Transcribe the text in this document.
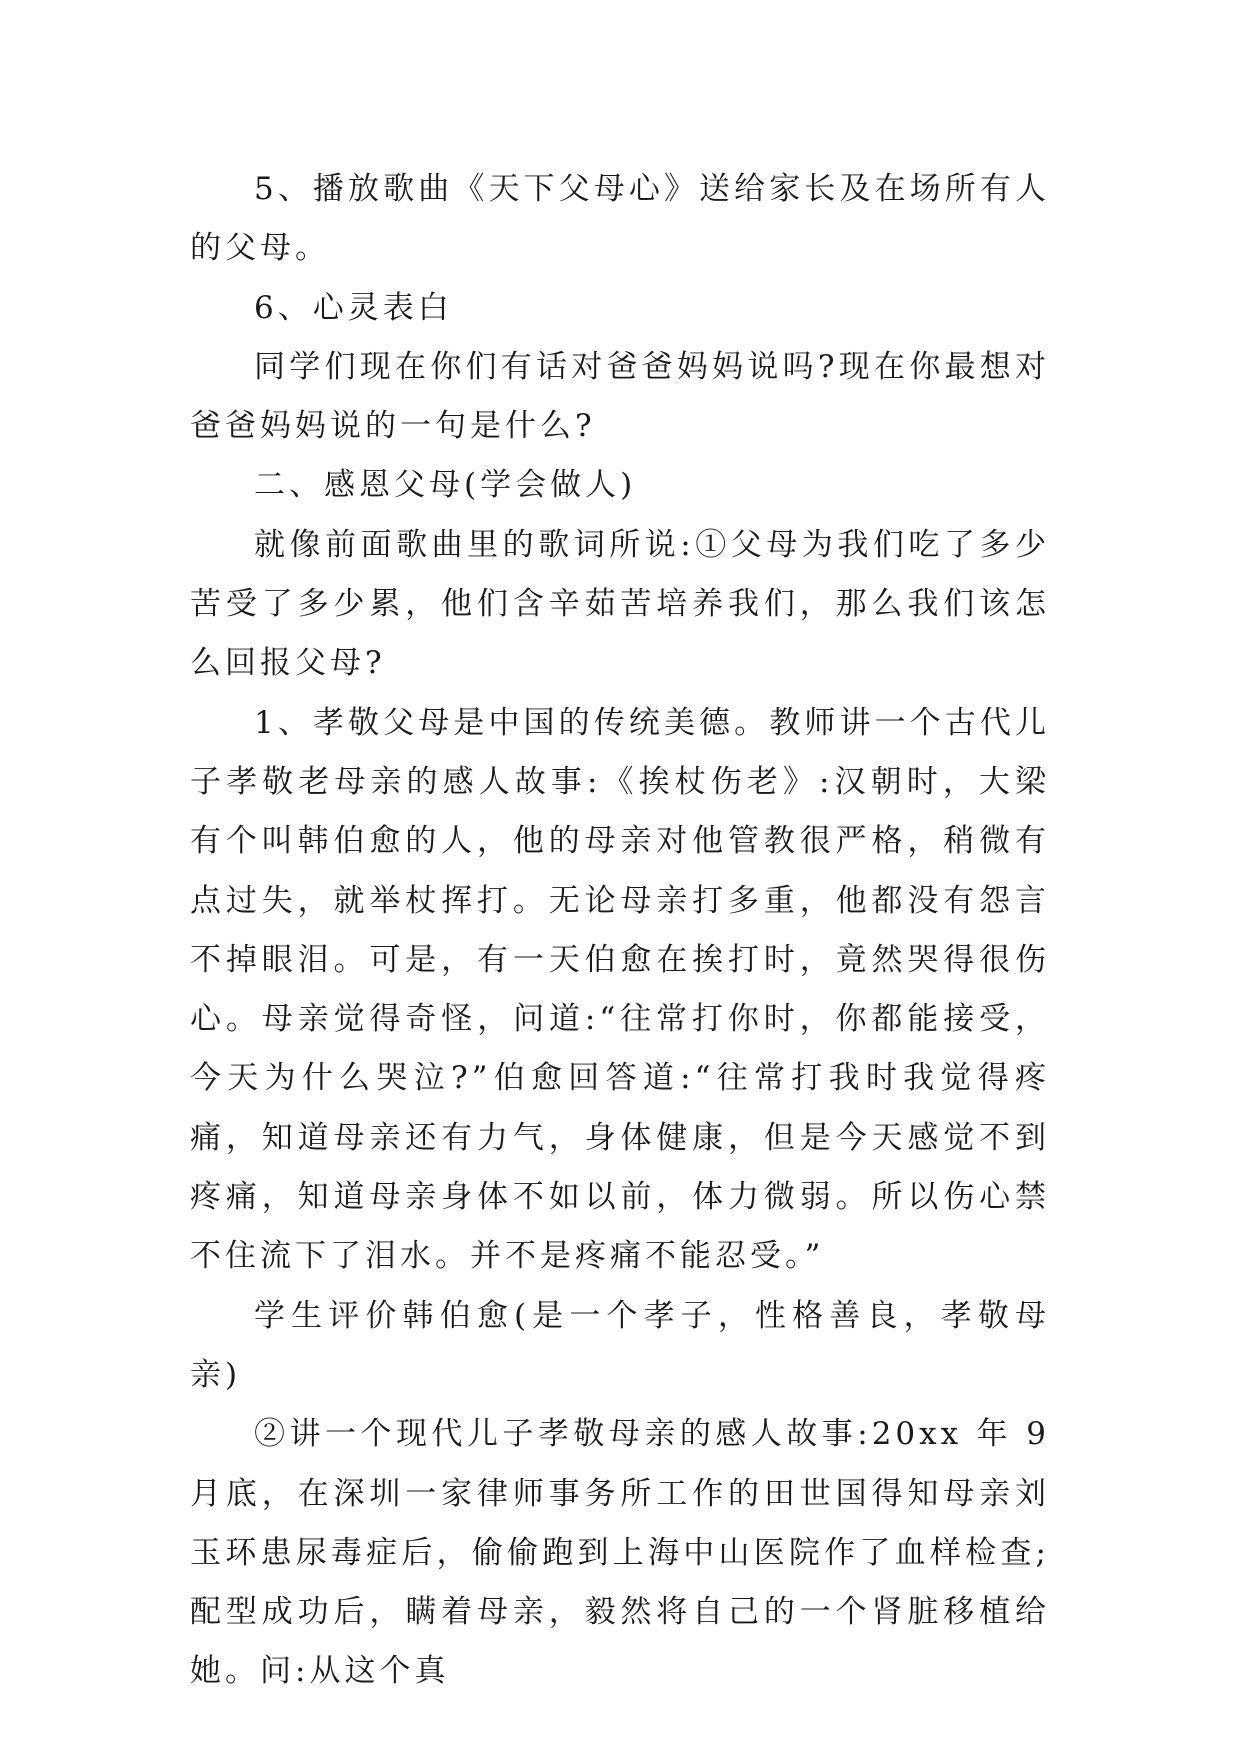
5、播放歌曲《天下父母心》送给家长及在场所有人的父母。

6、心灵表白

同学们现在你们有话对爸爸妈妈说吗?现在你最想对爸爸妈妈说的一句是什么?

二、感恩父母(学会做人)

就像前面歌曲里的歌词所说:①父母为我们吃了多少苦受了多少累，他们含辛茹苦培养我们，那么我们该怎么回报父母?

1、孝敬父母是中国的传统美德。教师讲一个古代儿子孝敬老母亲的感人故事:《挨杖伤老》:汉朝时，大梁有个叫韩伯愈的人，他的母亲对他管教很严格，稍微有点过失，就举杖挥打。无论母亲打多重，他都没有怨言不掉眼泪。可是，有一天伯愈在挨打时，竟然哭得很伤心。母亲觉得奇怪，问道:“往常打你时，你都能接受，今天为什么哭泣?”伯愈回答道:“往常打我时我觉得疼痛，知道母亲还有力气，身体健康，但是今天感觉不到疼痛，知道母亲身体不如以前，体力微弱。所以伤心禁不住流下了泪水。并不是疼痛不能忍受。”

学生评价韩伯愈(是一个孝子，性格善良，孝敬母亲)

②讲一个现代儿子孝敬母亲的感人故事:20xx 年 9 月底，在深圳一家律师事务所工作的田世国得知母亲刘玉环患尿毒症后，偷偷跑到上海中山医院作了血样检查;配型成功后，瞒着母亲，毅然将自己的一个肾脏移植给她。问:从这个真
